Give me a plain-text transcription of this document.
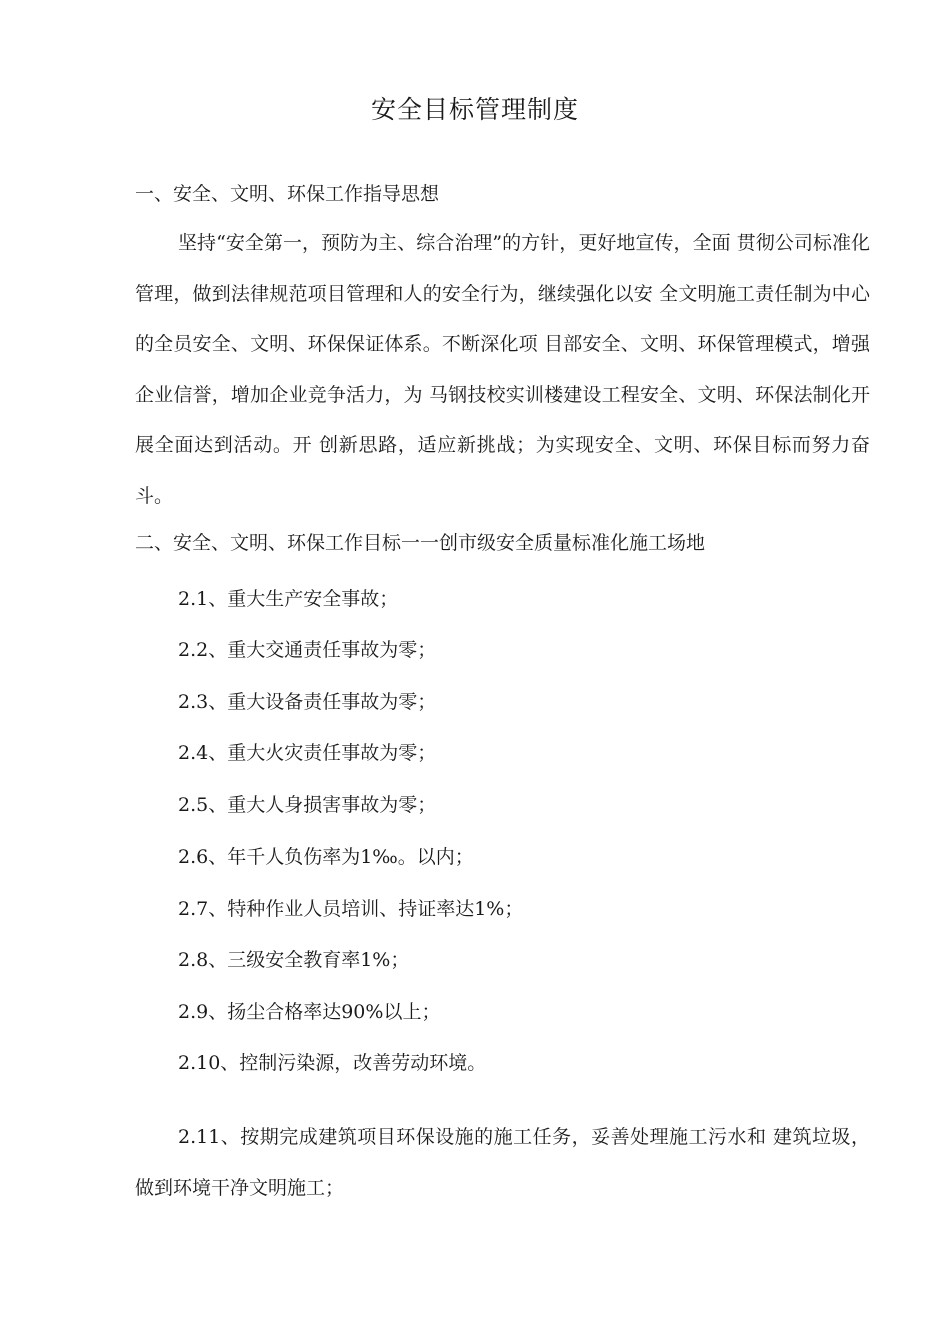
安全目标管理制度
一、安全、文明、环保工作指导思想

坚持“安全第一，预防为主、综合治理”的方针，更好地宣传，全面 贯彻公司标准化管理，做到法律规范项目管理和人的安全行为，继续强化以安 全文明施工责任制为中心的全员安全、文明、环保保证体系。不断深化项 目部安全、文明、环保管理模式，增强企业信誉，增加企业竞争活力，为 马钢技校实训楼建设工程安全、文明、环保法制化开展全面达到活动。开 创新思路，适应新挑战；为实现安全、文明、环保目标而努力奋斗。

二、安全、文明、环保工作目标一一创市级安全质量标准化施工场地
2.1、重大生产安全事故；
2.2、重大交通责任事故为零；
2.3、重大设备责任事故为零；
2.4、重大火灾责任事故为零；
2.5、重大人身损害事故为零；
2.6、年千人负伤率为1‰。以内；
2.7、特种作业人员培训、持证率达1%；
2.8、三级安全教育率1%；
2.9、扬尘合格率达90%以上；
2.10、控制污染源，改善劳动环境。

2.11、按期完成建筑项目环保设施的施工任务，妥善处理施工污水和 建筑垃圾，做到环境干净文明施工；
